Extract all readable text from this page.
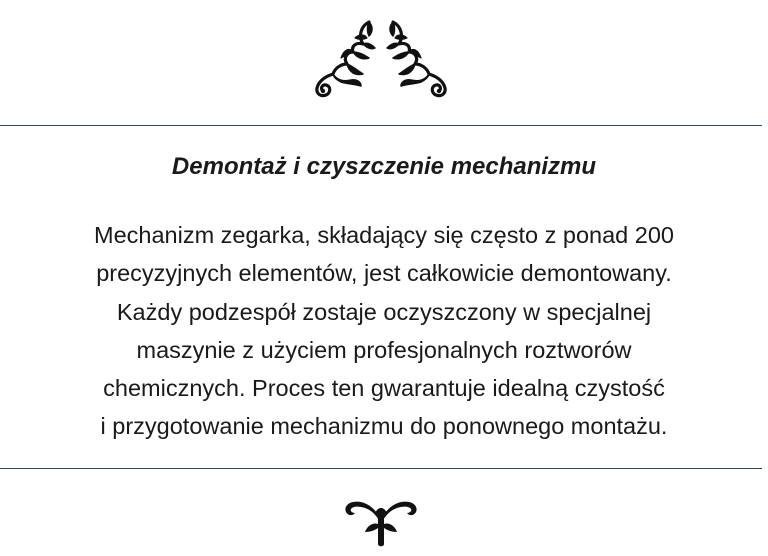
Demontaż i czyszczenie mechanizmu

Mechanizm zegarka, składający się często z ponad 200
precyzyjnych elementów, jest całkowicie demontowany.
Każdy podzespół zostaje oczyszczony w specjalnej
maszynie z użyciem profesjonalnych roztworów
chemicznych. Proces ten gwarantuje idealną czystość
i przygotowanie mechanizmu do ponownego montażu.
